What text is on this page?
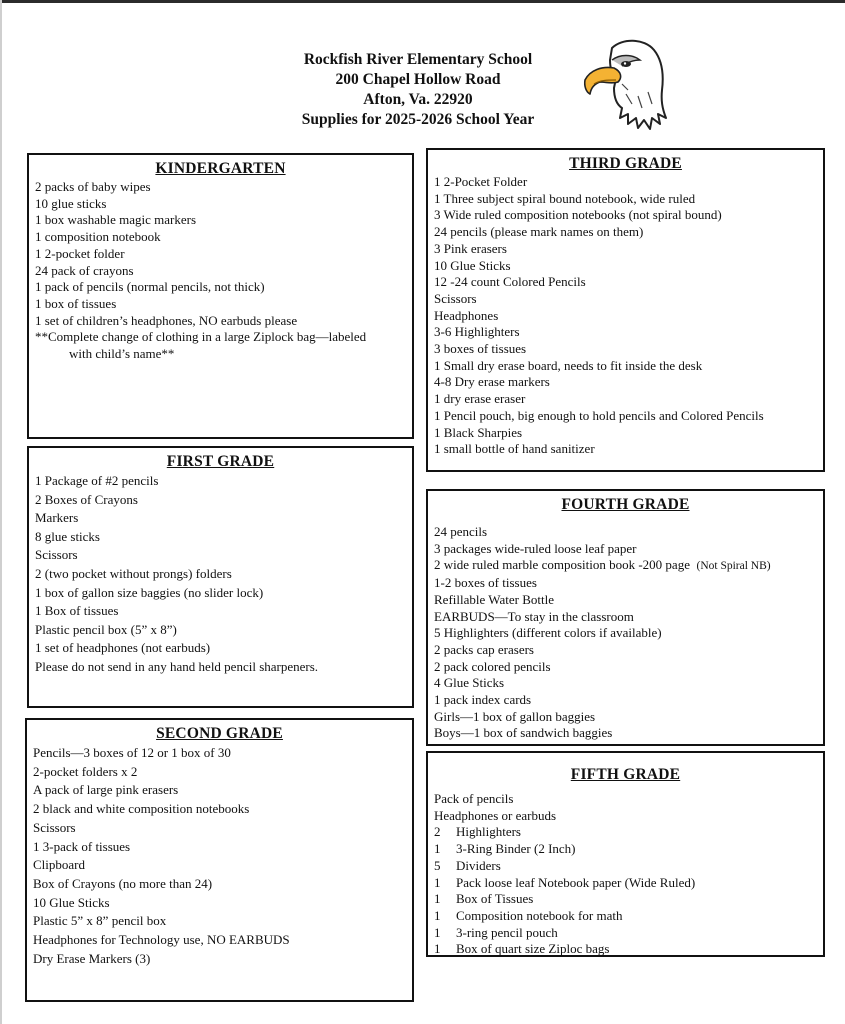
Rockfish River Elementary School
200 Chapel Hollow Road
Afton, Va. 22920
Supplies for 2025-2026 School Year
KINDERGARTEN
2 packs of baby wipes
10 glue sticks
1 box washable magic markers
1 composition notebook
1 2-pocket folder
24 pack of crayons
1 pack of pencils (normal pencils, not thick)
1 box of tissues
1 set of children’s headphones, NO earbuds please
**Complete change of clothing in a large Ziplock bag—labeled
with child’s name**
FIRST GRADE
1 Package of #2 pencils
2 Boxes of Crayons
Markers
8 glue sticks
Scissors
2 (two pocket without prongs) folders
1 box of gallon size baggies (no slider lock)
1 Box of tissues
Plastic pencil box (5” x 8”)
1 set of headphones (not earbuds)
Please do not send in any hand held pencil sharpeners.
SECOND GRADE
Pencils—3 boxes of 12 or 1 box of 30
2-pocket folders x 2
A pack of large pink erasers
2 black and white composition notebooks
Scissors
1 3-pack of tissues
Clipboard
Box of Crayons (no more than 24)
10 Glue Sticks
Plastic 5” x 8” pencil box
Headphones for Technology use, NO EARBUDS
Dry Erase Markers (3)
THIRD GRADE
1 2-Pocket Folder
1 Three subject spiral bound notebook, wide ruled
3 Wide ruled composition notebooks (not spiral bound)
24 pencils (please mark names on them)
3 Pink erasers
10 Glue Sticks
12 -24 count Colored Pencils
Scissors
Headphones
3-6 Highlighters
3 boxes of tissues
1 Small dry erase board, needs to fit inside the desk
4-8 Dry erase markers
1 dry erase eraser
1 Pencil pouch, big enough to hold pencils and Colored Pencils
1 Black Sharpies
1 small bottle of hand sanitizer
FOURTH GRADE
24 pencils
3 packages wide-ruled loose leaf paper
2 wide ruled marble composition book -200 page (Not Spiral NB)
1-2 boxes of tissues
Refillable Water Bottle
EARBUDS—To stay in the classroom
5 Highlighters (different colors if available)
2 packs cap erasers
2 pack colored pencils
4 Glue Sticks
1 pack index cards
Girls—1 box of gallon baggies
Boys—1 box of sandwich baggies
FIFTH GRADE
Pack of pencils
Headphones or earbuds
2 Highlighters
1 3-Ring Binder (2 Inch)
5 Dividers
1 Pack loose leaf Notebook paper (Wide Ruled)
1 Box of Tissues
1 Composition notebook for math
1 3-ring pencil pouch
1 Box of quart size Ziploc bags
